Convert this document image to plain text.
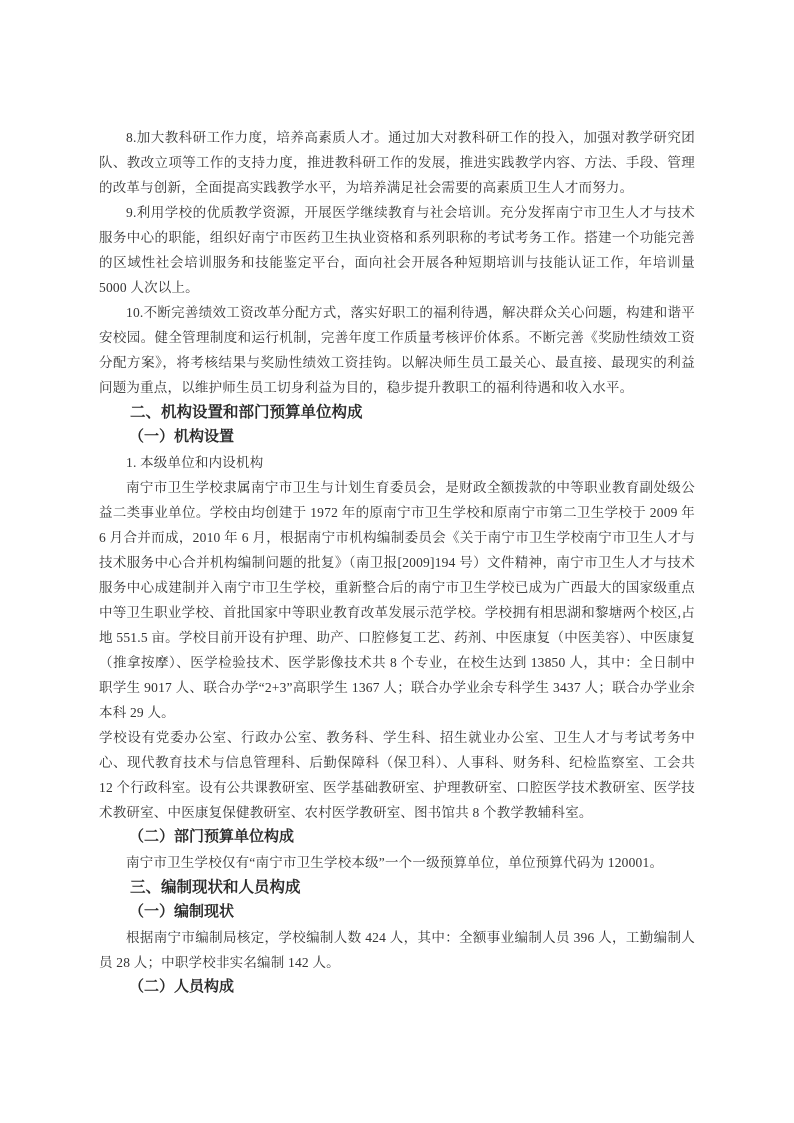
8.加大教科研工作力度，培养高素质人才。通过加大对教科研工作的投入，加强对教学研究团队、教改立项等工作的支持力度，推进教科研工作的发展，推进实践教学内容、方法、手段、管理的改革与创新，全面提高实践教学水平，为培养满足社会需要的高素质卫生人才而努力。

9.利用学校的优质教学资源，开展医学继续教育与社会培训。充分发挥南宁市卫生人才与技术服务中心的职能，组织好南宁市医药卫生执业资格和系列职称的考试考务工作。搭建一个功能完善的区域性社会培训服务和技能鉴定平台，面向社会开展各种短期培训与技能认证工作，年培训量 5000 人次以上。

10.不断完善绩效工资改革分配方式，落实好职工的福利待遇，解决群众关心问题，构建和谐平安校园。健全管理制度和运行机制，完善年度工作质量考核评价体系。不断完善《奖励性绩效工资分配方案》，将考核结果与奖励性绩效工资挂钩。以解决师生员工最关心、最直接、最现实的利益问题为重点，以维护师生员工切身利益为目的，稳步提升教职工的福利待遇和收入水平。

二、机构设置和部门预算单位构成
（一）机构设置

1. 本级单位和内设机构

南宁市卫生学校隶属南宁市卫生与计划生育委员会，是财政全额拨款的中等职业教育副处级公益二类事业单位。学校由均创建于 1972 年的原南宁市卫生学校和原南宁市第二卫生学校于 2009 年 6 月合并而成，2010 年 6 月，根据南宁市机构编制委员会《关于南宁市卫生学校南宁市卫生人才与技术服务中心合并机构编制问题的批复》（南卫报[2009]194 号）文件精神，南宁市卫生人才与技术服务中心成建制并入南宁市卫生学校，重新整合后的南宁市卫生学校已成为广西最大的国家级重点中等卫生职业学校、首批国家中等职业教育改革发展示范学校。学校拥有相思湖和黎塘两个校区,占地 551.5 亩。学校目前开设有护理、助产、口腔修复工艺、药剂、中医康复（中医美容）、中医康复（推拿按摩）、医学检验技术、医学影像技术共 8 个专业，在校生达到 13850 人，其中：全日制中职学生 9017 人、联合办学“2+3”高职学生 1367 人；联合办学业余专科学生 3437 人；联合办学业余本科 29 人。

学校设有党委办公室、行政办公室、教务科、学生科、招生就业办公室、卫生人才与考试考务中心、现代教育技术与信息管理科、后勤保障科（保卫科）、人事科、财务科、纪检监察室、工会共 12 个行政科室。设有公共课教研室、医学基础教研室、护理教研室、口腔医学技术教研室、医学技术教研室、中医康复保健教研室、农村医学教研室、图书馆共 8 个教学教辅科室。

（二）部门预算单位构成

南宁市卫生学校仅有“南宁市卫生学校本级”一个一级预算单位，单位预算代码为 120001。

三、编制现状和人员构成
（一）编制现状

根据南宁市编制局核定，学校编制人数 424 人，其中：全额事业编制人员 396 人，工勤编制人员 28 人；中职学校非实名编制 142 人。

（二）人员构成
